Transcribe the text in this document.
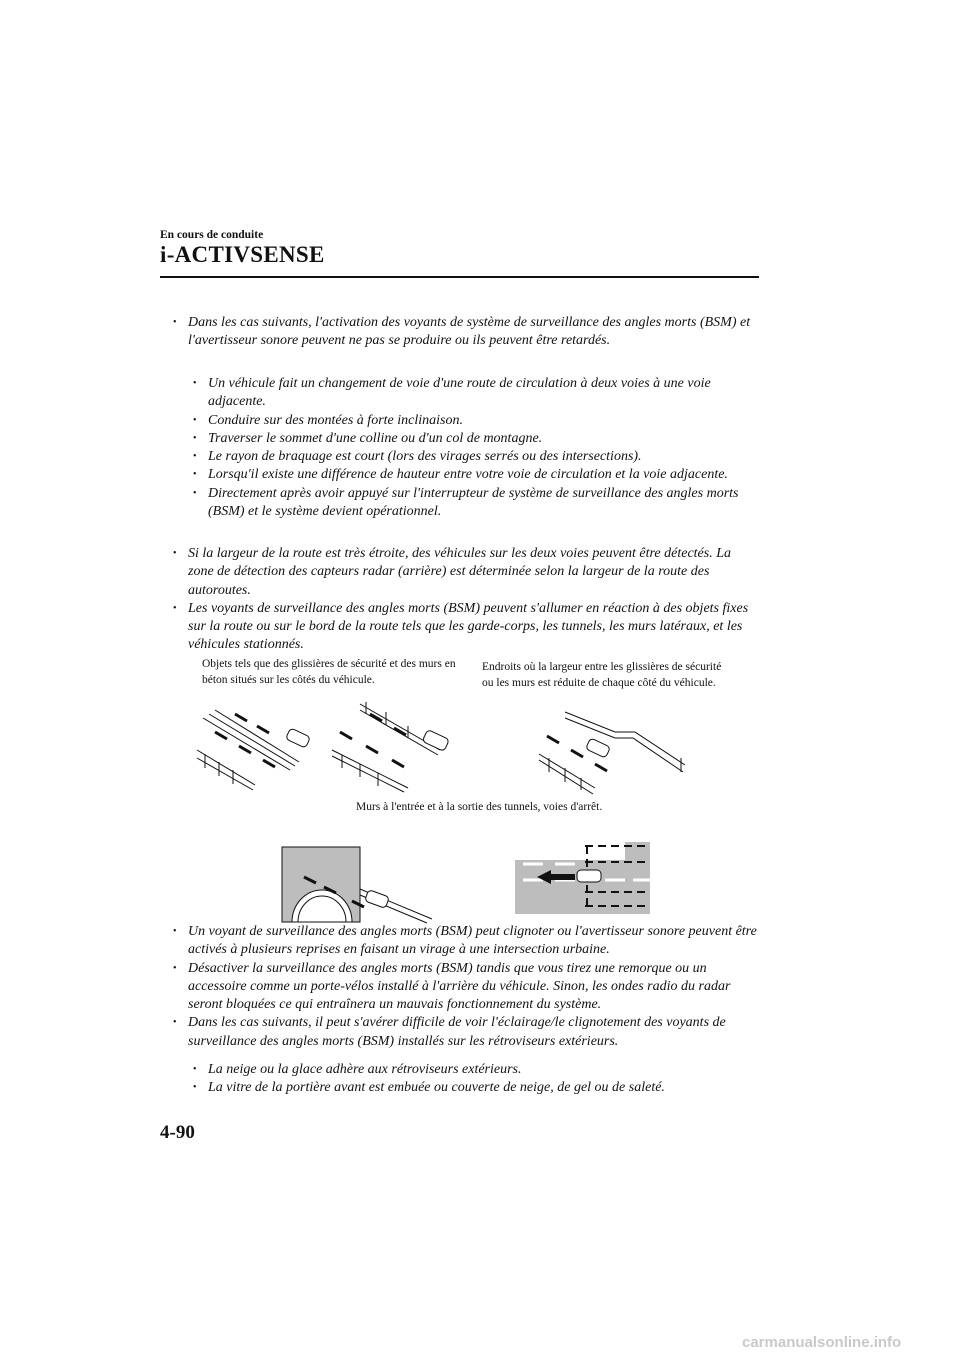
En cours de conduite
i-ACTIVSENSE
• Dans les cas suivants, l'activation des voyants de système de surveillance des angles morts (BSM) et l'avertisseur sonore peuvent ne pas se produire ou ils peuvent être retardés.
• Un véhicule fait un changement de voie d'une route de circulation à deux voies à une voie adjacente.
• Conduire sur des montées à forte inclinaison.
• Traverser le sommet d'une colline ou d'un col de montagne.
• Le rayon de braquage est court (lors des virages serrés ou des intersections).
• Lorsqu'il existe une différence de hauteur entre votre voie de circulation et la voie adjacente.
• Directement après avoir appuyé sur l'interrupteur de système de surveillance des angles morts (BSM) et le système devient opérationnel.
• Si la largeur de la route est très étroite, des véhicules sur les deux voies peuvent être détectés. La zone de détection des capteurs radar (arrière) est déterminée selon la largeur de la route des autoroutes.
• Les voyants de surveillance des angles morts (BSM) peuvent s'allumer en réaction à des objets fixes sur la route ou sur le bord de la route tels que les garde-corps, les tunnels, les murs latéraux, et les véhicules stationnés.
Objets tels que des glissières de sécurité et des murs en béton situés sur les côtés du véhicule.
Endroits où la largeur entre les glissières de sécurité ou les murs est réduite de chaque côté du véhicule.
Murs à l'entrée et à la sortie des tunnels, voies d'arrêt.
• Un voyant de surveillance des angles morts (BSM) peut clignoter ou l'avertisseur sonore peuvent être activés à plusieurs reprises en faisant un virage à une intersection urbaine.
• Désactiver la surveillance des angles morts (BSM) tandis que vous tirez une remorque ou un accessoire comme un porte-vélos installé à l'arrière du véhicule. Sinon, les ondes radio du radar seront bloquées ce qui entraînera un mauvais fonctionnement du système.
• Dans les cas suivants, il peut s'avérer difficile de voir l'éclairage/le clignotement des voyants de surveillance des angles morts (BSM) installés sur les rétroviseurs extérieurs.
• La neige ou la glace adhère aux rétroviseurs extérieurs.
• La vitre de la portière avant est embuée ou couverte de neige, de gel ou de saleté.
4-90
carmanualsonline.info
